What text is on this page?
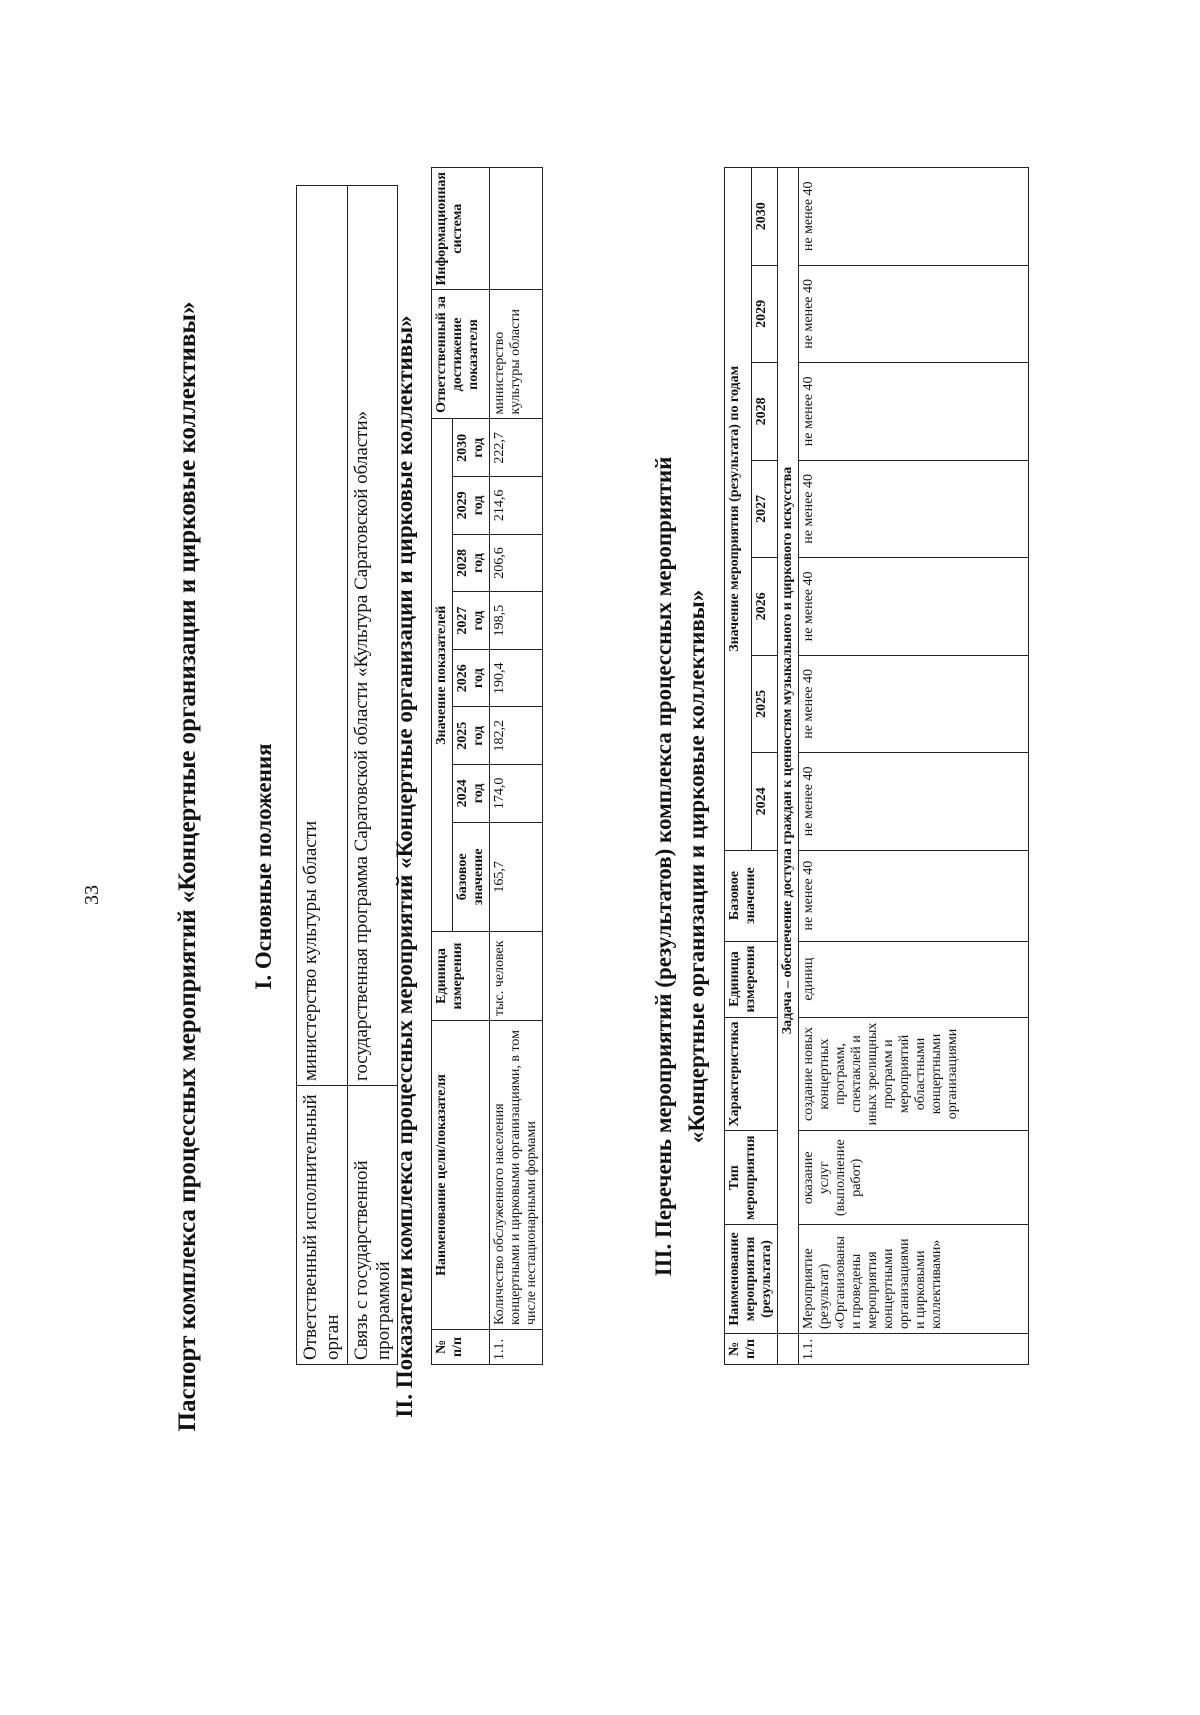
33	Паспорт комплекса процессных мероприятий «Концертные организации и цирковые коллективы» I. Основные положения
Ответственный исполнительный орган	министерство культуры области
Связь с государственной программой	государственная программа Саратовской области «Культура Саратовской области» II. Показатели комплекса процессных мероприятий «Концертные организации и цирковые коллективы» № п/п	Наименование цели/показателя	Единица измерения	Значение показателей								Ответственный за достижение показателя	Информационная система
			базовое значение	2024 год	2025 год	2026 год	2027 год	2028 год	2029 год	2030 год		
1.1.	Количество обслуженного населения концертными и цирковыми организациями, в том числе нестационарными формами	тыс. человек	165,7	174,0	182,2	190,4	198,5	206,6	214,6	222,7	министерство культуры области	
III. Перечень мероприятий (результатов) комплекса процессных мероприятий «Концертные организации и цирковые коллективы»
№ п/п	Наименование мероприятия (результата)	Тип мероприятия	Характеристика	Единица измерения	Базовое значение	Значение мероприятия (результата) по годам						
						2024	2025	2026	2027	2028	2029	2030
	Задача – обеспечение доступа граждан к ценностям музыкального и циркового искусства											
1.1.	Мероприятие (результат) «Организованы и проведены мероприятия концертными организациями и цирковыми коллективами»	оказание услуг (выполнение работ)	создание новых концертных программ, спектаклей и иных зрелищных программ и мероприятий областными концертными организациями	единиц	не менее 40	не менее 40	не менее 40	не менее 40	не менее 40	не менее 40	не менее 40	не менее 40
